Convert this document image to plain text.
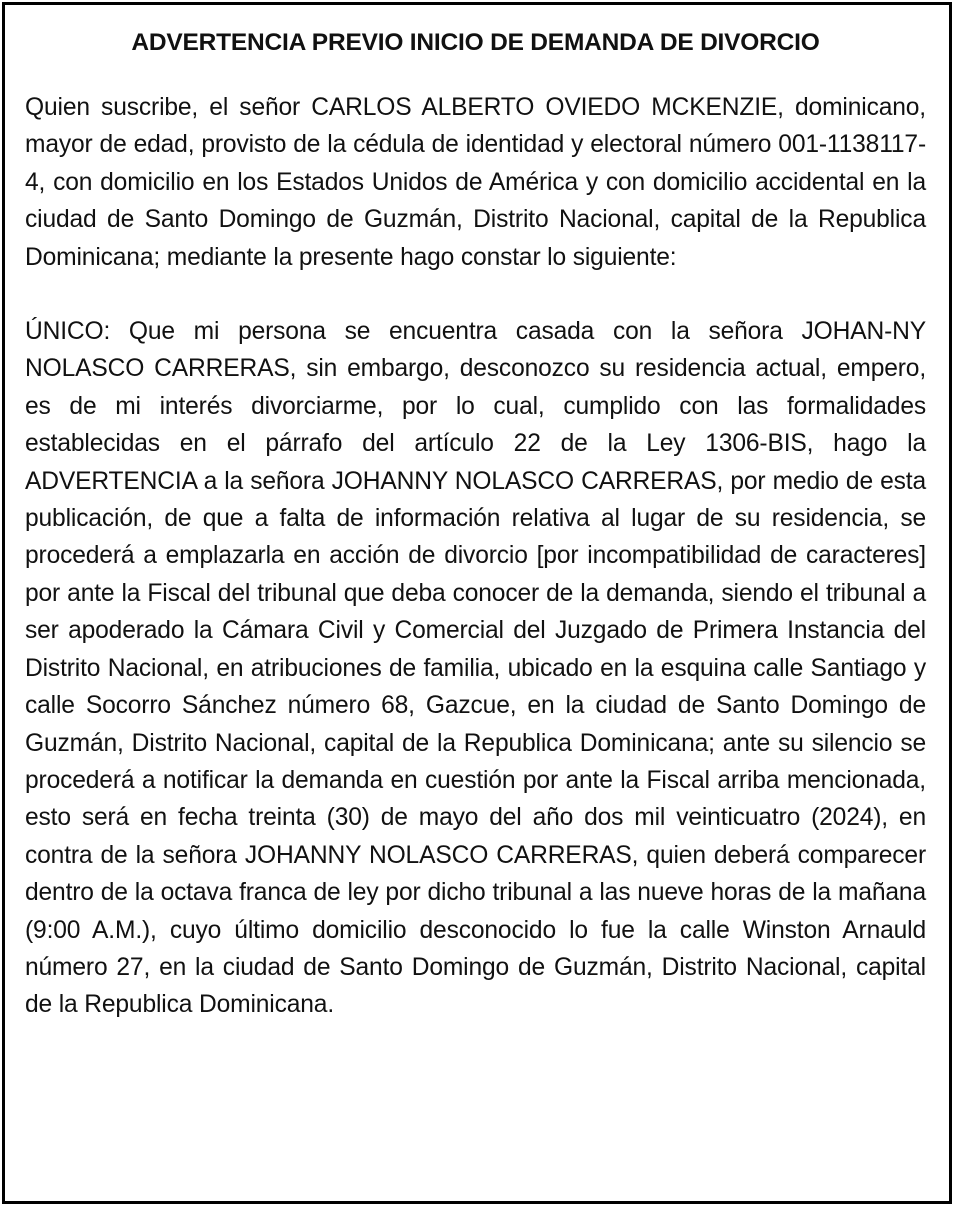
ADVERTENCIA PREVIO INICIO DE DEMANDA DE DIVORCIO

Quien suscribe, el señor CARLOS ALBERTO OVIEDO MCKENZIE, dominicano, mayor de edad, provisto de la cédula de identidad y electoral número 001-1138117-4, con domicilio en los Estados Unidos de América y con domicilio accidental en la ciudad de Santo Domingo de Guzmán, Distrito Nacional, capital de la Republica Dominicana; mediante la presente hago constar lo siguiente:

ÚNICO: Que mi persona se encuentra casada con la señora JOHAN-NY NOLASCO CARRERAS, sin embargo, desconozco su residencia actual, empero, es de mi interés divorciarme, por lo cual, cumplido con las formalidades establecidas en el párrafo del artículo 22 de la Ley 1306-BIS, hago la ADVERTENCIA a la señora JOHANNY NOLASCO CARRERAS, por medio de esta publicación, de que a falta de información relativa al lugar de su residencia, se procederá a emplazarla en acción de divorcio [por incompatibilidad de caracteres] por ante la Fiscal del tribunal que deba conocer de la demanda, siendo el tribunal a ser apoderado la Cámara Civil y Comercial del Juzgado de Primera Instancia del Distrito Nacional, en atribuciones de familia, ubicado en la esquina calle Santiago y calle Socorro Sánchez número 68, Gazcue, en la ciudad de Santo Domingo de Guzmán, Distrito Nacional, capital de la Republica Dominicana; ante su silencio se procederá a notificar la demanda en cuestión por ante la Fiscal arriba mencionada, esto será en fecha treinta (30) de mayo del año dos mil veinticuatro (2024), en contra de la señora JOHANNY NOLASCO CARRERAS, quien deberá comparecer dentro de la octava franca de ley por dicho tribunal a las nueve horas de la mañana (9:00 A.M.), cuyo último domicilio desconocido lo fue la calle Winston Arnauld número 27, en la ciudad de Santo Domingo de Guzmán, Distrito Nacional, capital de la Republica Dominicana.
